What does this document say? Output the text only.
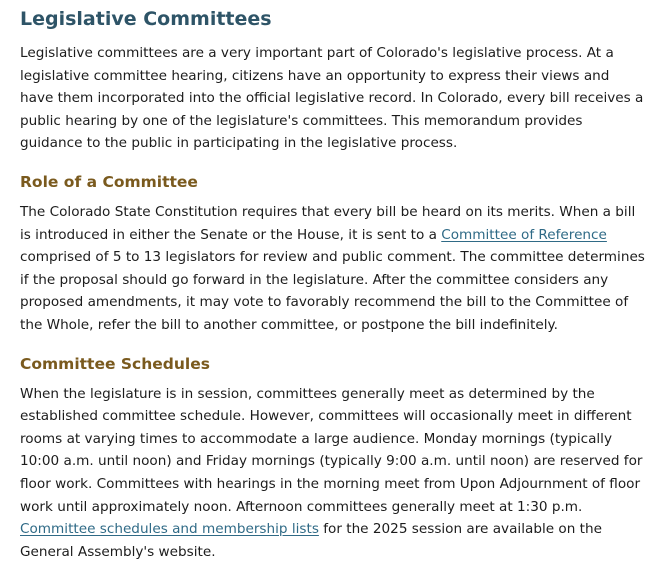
Legislative Committees

Legislative committees are a very important part of Colorado's legislative process. At a legislative committee hearing, citizens have an opportunity to express their views and have them incorporated into the official legislative record. In Colorado, every bill receives a public hearing by one of the legislature's committees. This memorandum provides guidance to the public in participating in the legislative process.

Role of a Committee

The Colorado State Constitution requires that every bill be heard on its merits. When a bill is introduced in either the Senate or the House, it is sent to a Committee of Reference comprised of 5 to 13 legislators for review and public comment. The committee determines if the proposal should go forward in the legislature. After the committee considers any proposed amendments, it may vote to favorably recommend the bill to the Committee of the Whole, refer the bill to another committee, or postpone the bill indefinitely.

Committee Schedules

When the legislature is in session, committees generally meet as determined by the established committee schedule. However, committees will occasionally meet in different rooms at varying times to accommodate a large audience. Monday mornings (typically 10:00 a.m. until noon) and Friday mornings (typically 9:00 a.m. until noon) are reserved for floor work. Committees with hearings in the morning meet from Upon Adjournment of floor work until approximately noon. Afternoon committees generally meet at 1:30 p.m. Committee schedules and membership lists for the 2025 session are available on the General Assembly's website.
